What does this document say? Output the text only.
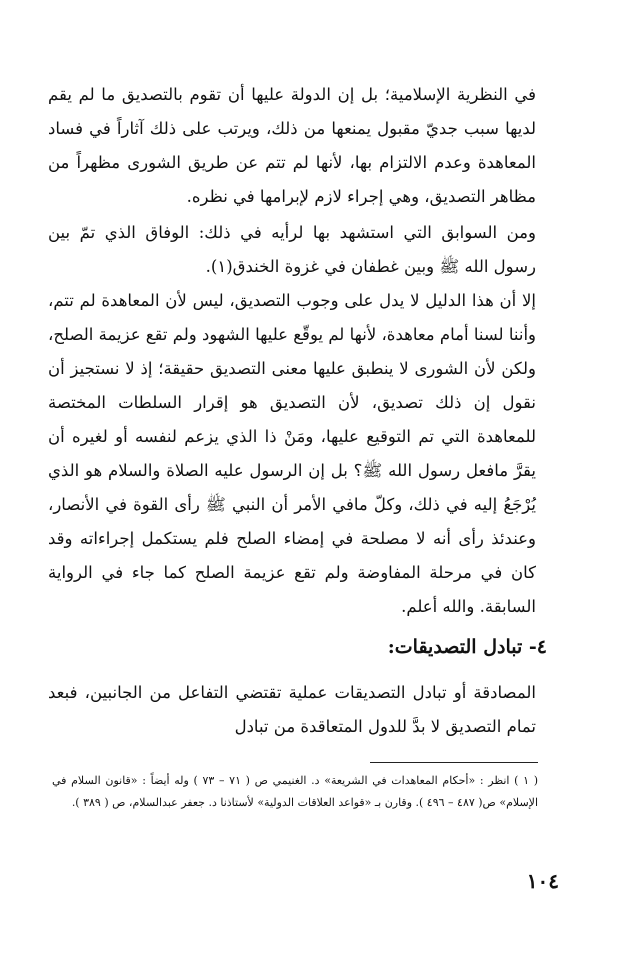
في النظرية الإسلامية؛ بل إن الدولة عليها أن تقوم بالتصديق ما لم يقم لديها سبب جديّ مقبول يمنعها من ذلك، ويرتب على ذلك آثاراً في فساد المعاهدة وعدم الالتزام بها، لأنها لم تتم عن طريق الشورى مظهراً من مظاهر التصديق، وهي إجراء لازم لإبرامها في نظره.

ومن السوابق التي استشهد بها لرأيه في ذلك: الوفاق الذي تمّ بين رسول الله ﷺ وبين غطفان في غزوة الخندق(١).

إلا أن هذا الدليل لا يدل على وجوب التصديق، ليس لأن المعاهدة لم تتم، وأننا لسنا أمام معاهدة، لأنها لم يوقّع عليها الشهود ولم تقع عزيمة الصلح، ولكن لأن الشورى لا ينطبق عليها معنى التصديق حقيقة؛ إذ لا نستجيز أن نقول إن ذلك تصديق، لأن التصديق هو إقرار السلطات المختصة للمعاهدة التي تم التوقيع عليها، ومَنْ ذا الذي يزعم لنفسه أو لغيره أن يقرَّ مافعل رسول الله ﷺ؟ بل إن الرسول عليه الصلاة والسلام هو الذي يُرْجَعُ إليه في ذلك، وكلّ مافي الأمر أن النبي ﷺ رأى القوة في الأنصار، وعندئذ رأى أنه لا مصلحة في إمضاء الصلح فلم يستكمل إجراءاته وقد كان في مرحلة المفاوضة ولم تقع عزيمة الصلح كما جاء في الرواية السابقة. والله أعلم.

٤- تبادل التصديقات:

المصادقة أو تبادل التصديقات عملية تقتضي التفاعل من الجانبين، فبعد تمام التصديق لا بدَّ للدول المتعاقدة من تبادل

( ١ ) انظر : «أحكام المعاهدات في الشريعة» د. الغنيمي ص ( ٧١ – ٧٣ ) وله أيضاً : «قانون السلام في الإسلام» ص( ٤٨٧ – ٤٩٦ ). وقارن بـ «قواعد العلاقات الدولية» لأستاذنا د. جعفر عبدالسلام، ص ( ٣٨٩ ).

١٠٤
